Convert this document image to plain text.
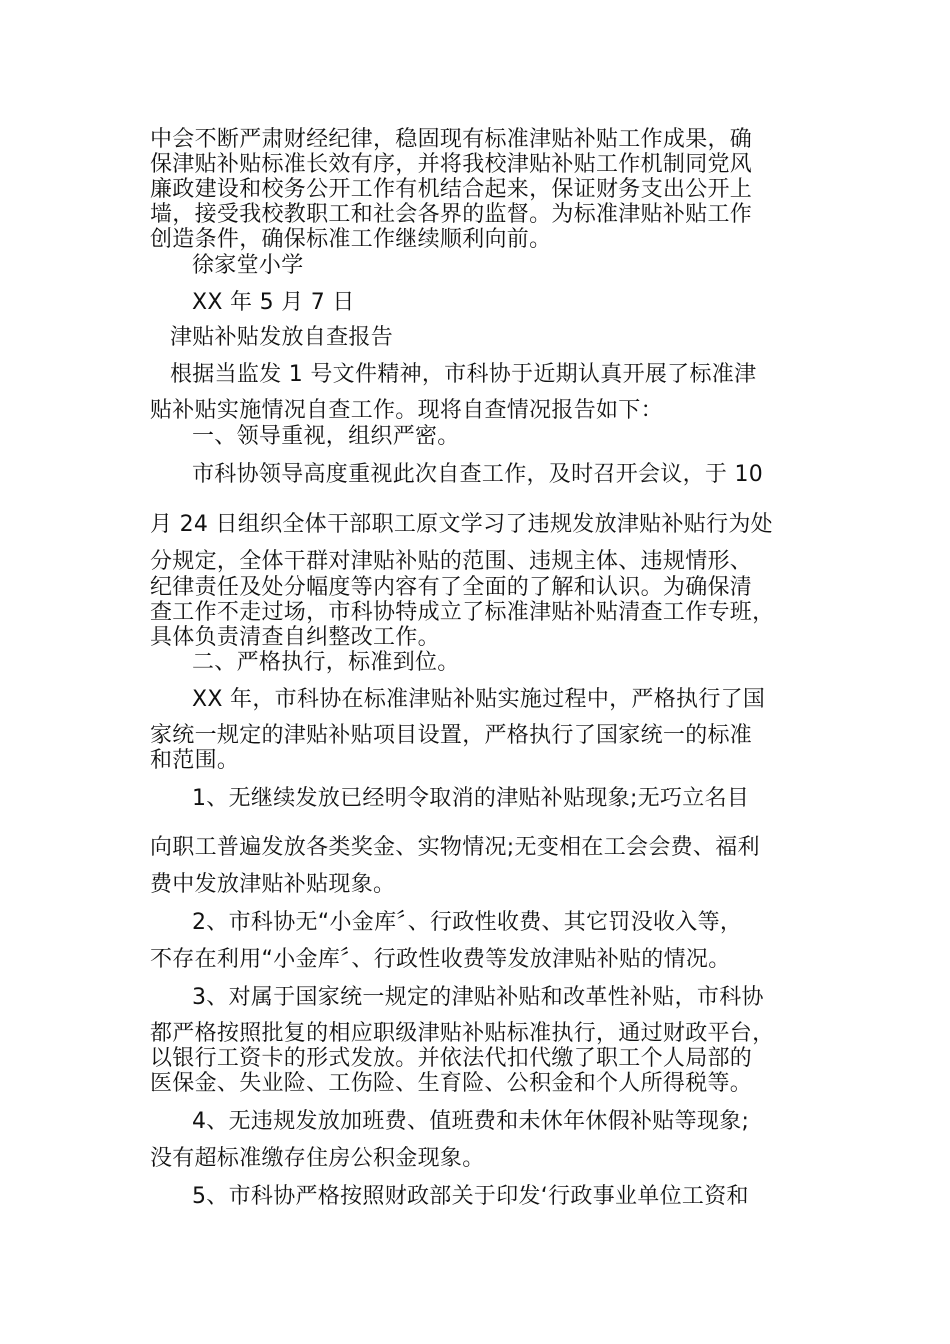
中会不断严肃财经纪律，稳固现有标准津贴补贴工作成果，确
保津贴补贴标准长效有序，并将我校津贴补贴工作机制同党风
廉政建设和校务公开工作有机结合起来，保证财务支出公开上
墙，接受我校教职工和社会各界的监督。为标准津贴补贴工作
创造条件，确保标准工作继续顺利向前。
徐家堂小学
XX 年 5 月 7 日
津贴补贴发放自查报告
根据当监发 1 号文件精神，市科协于近期认真开展了标准津
贴补贴实施情况自查工作。现将自查情况报告如下：
一、领导重视，组织严密。
市科协领导高度重视此次自查工作，及时召开会议，于 10
月 24 日组织全体干部职工原文学习了违规发放津贴补贴行为处
分规定，全体干群对津贴补贴的范围、违规主体、违规情形、
纪律责任及处分幅度等内容有了全面的了解和认识。为确保清
查工作不走过场，市科协特成立了标准津贴补贴清查工作专班，
具体负责清查自纠整改工作。
二、严格执行，标准到位。
XX 年，市科协在标准津贴补贴实施过程中，严格执行了国
家统一规定的津贴补贴项目设置，严格执行了国家统一的标准
和范围。
1、无继续发放已经明令取消的津贴补贴现象;无巧立名目
向职工普遍发放各类奖金、实物情况;无变相在工会会费、福利
费中发放津贴补贴现象。
2、市科协无“小金库〞、行政性收费、其它罚没收入等，
不存在利用“小金库〞、行政性收费等发放津贴补贴的情况。
3、对属于国家统一规定的津贴补贴和改革性补贴，市科协
都严格按照批复的相应职级津贴补贴标准执行，通过财政平台，
以银行工资卡的形式发放。并依法代扣代缴了职工个人局部的
医保金、失业险、工伤险、生育险、公积金和个人所得税等。
4、无违规发放加班费、值班费和未休年休假补贴等现象;
没有超标准缴存住房公积金现象。
5、市科协严格按照财政部关于印发‘行政事业单位工资和
